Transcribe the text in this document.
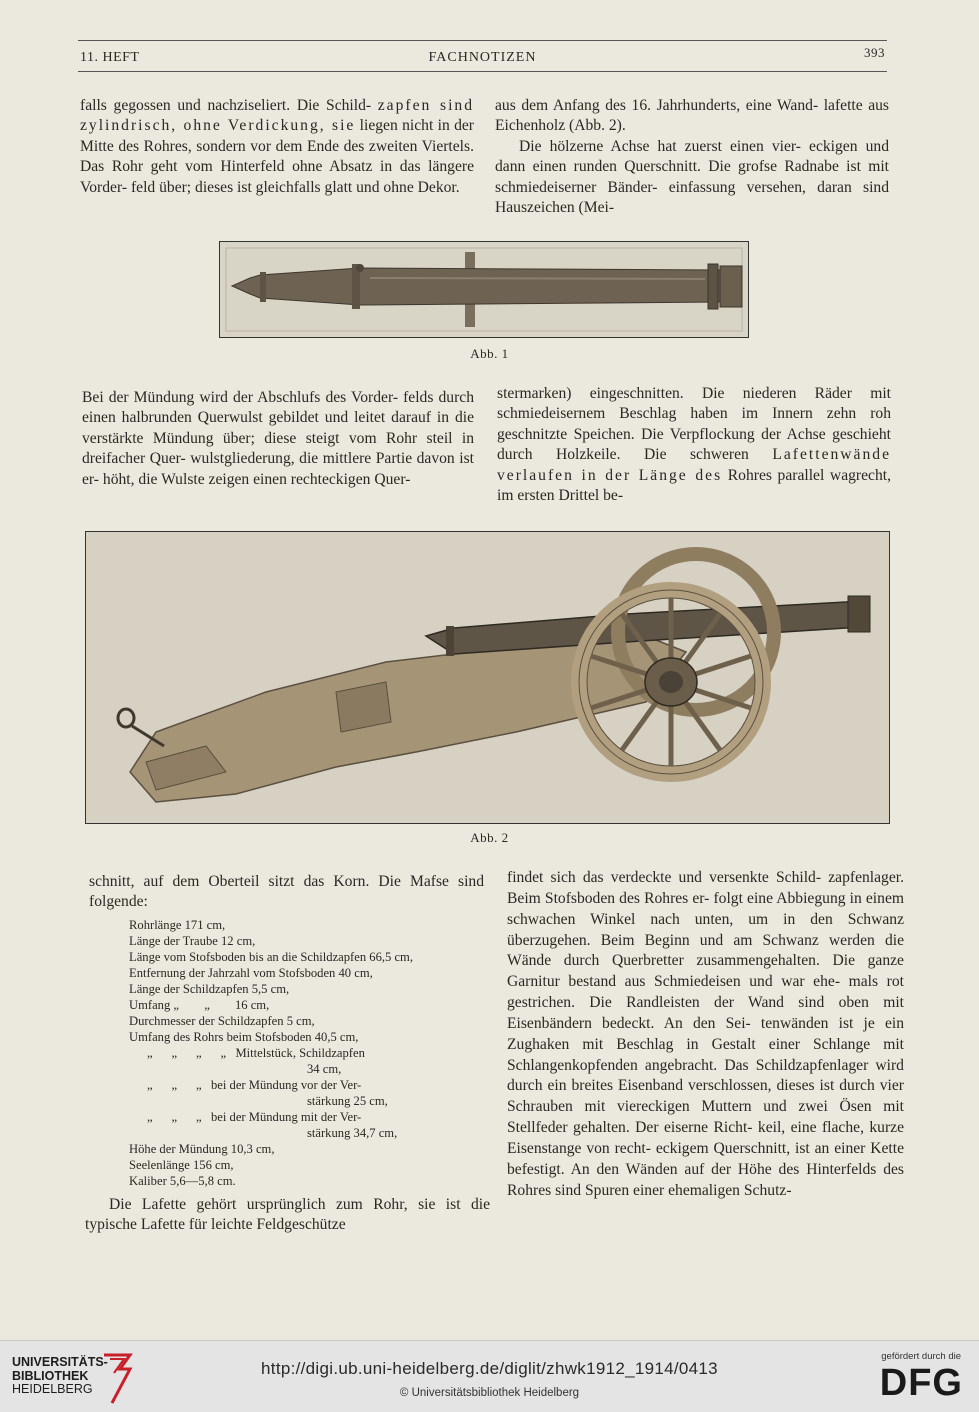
11. HEFT	FACHNOTIZEN	393

falls gegossen und nachziseliert. Die Schild- zapfen sind zylindrisch, ohne Verdickung, sie liegen nicht in der Mitte des Rohres, sondern vor dem Ende des zweiten Viertels. Das Rohr geht vom Hinterfeld ohne Absatz in das längere Vorder- feld über; dieses ist gleichfalls glatt und ohne Dekor.

aus dem Anfang des 16. Jahrhunderts, eine Wand- lafette aus Eichenholz (Abb. 2).

Die hölzerne Achse hat zuerst einen vier- eckigen und dann einen runden Querschnitt. Die grofse Radnabe ist mit schmiedeiserner Bänder- einfassung versehen, daran sind Hauszeichen (Mei-

Abb. 1

Bei der Mündung wird der Abschlufs des Vorder- felds durch einen halbrunden Querwulst gebildet und leitet darauf in die verstärkte Mündung über; diese steigt vom Rohr steil in dreifacher Quer- wulstgliederung, die mittlere Partie davon ist er- höht, die Wulste zeigen einen rechteckigen Quer-

stermarken) eingeschnitten. Die niederen Räder mit schmiedeisernem Beschlag haben im Innern zehn roh geschnitzte Speichen. Die Verpflockung der Achse geschieht durch Holzkeile. Die schweren Lafettenwände verlaufen in der Länge des Rohres parallel wagrecht, im ersten Drittel be-

Abb. 2

schnitt, auf dem Oberteil sitzt das Korn. Die Mafse sind folgende:

Rohrlänge 171 cm,
Länge der Traube 12 cm,
Länge vom Stofsboden bis an die Schildzapfen 66,5 cm,
Entfernung der Jahrzahl vom Stofsboden 40 cm,
Länge der Schildzapfen 5,5 cm,
Umfang „        „        16 cm,
Durchmesser der Schildzapfen 5 cm,
Umfang des Rohrs beim Stofsboden 40,5 cm,
„      „      „      „   Mittelstück, Schildzapfen
34 cm,
„      „      „   bei der Mündung vor der Ver-
stärkung 25 cm,
„      „      „   bei der Mündung mit der Ver-
stärkung 34,7 cm,
Höhe der Mündung 10,3 cm,
Seelenlänge 156 cm,
Kaliber 5,6—5,8 cm.

Die Lafette gehört ursprünglich zum Rohr, sie ist die typische Lafette für leichte Feldgeschütze

findet sich das verdeckte und versenkte Schild- zapfenlager. Beim Stofsboden des Rohres er- folgt eine Abbiegung in einem schwachen Winkel nach unten, um in den Schwanz überzugehen. Beim Beginn und am Schwanz werden die Wände durch Querbretter zusammengehalten. Die ganze Garnitur bestand aus Schmiedeisen und war ehe- mals rot gestrichen. Die Randleisten der Wand sind oben mit Eisenbändern bedeckt. An den Sei- tenwänden ist je ein Zughaken mit Beschlag in Gestalt einer Schlange mit Schlangenkopfenden angebracht. Das Schildzapfenlager wird durch ein breites Eisenband verschlossen, dieses ist durch vier Schrauben mit viereckigen Muttern und zwei Ösen mit Stellfeder gehalten. Der eiserne Richt- keil, eine flache, kurze Eisenstange von recht- eckigem Querschnitt, ist an einer Kette befestigt. An den Wänden auf der Höhe des Hinterfelds des Rohres sind Spuren einer ehemaligen Schutz-

UNIVERSITÄTS-
BIBLIOTHEK
HEIDELBERG
http://digi.ub.uni-heidelberg.de/diglit/zhwk1912_1914/0413
© Universitätsbibliothek Heidelberg
gefördert durch die
DFG
